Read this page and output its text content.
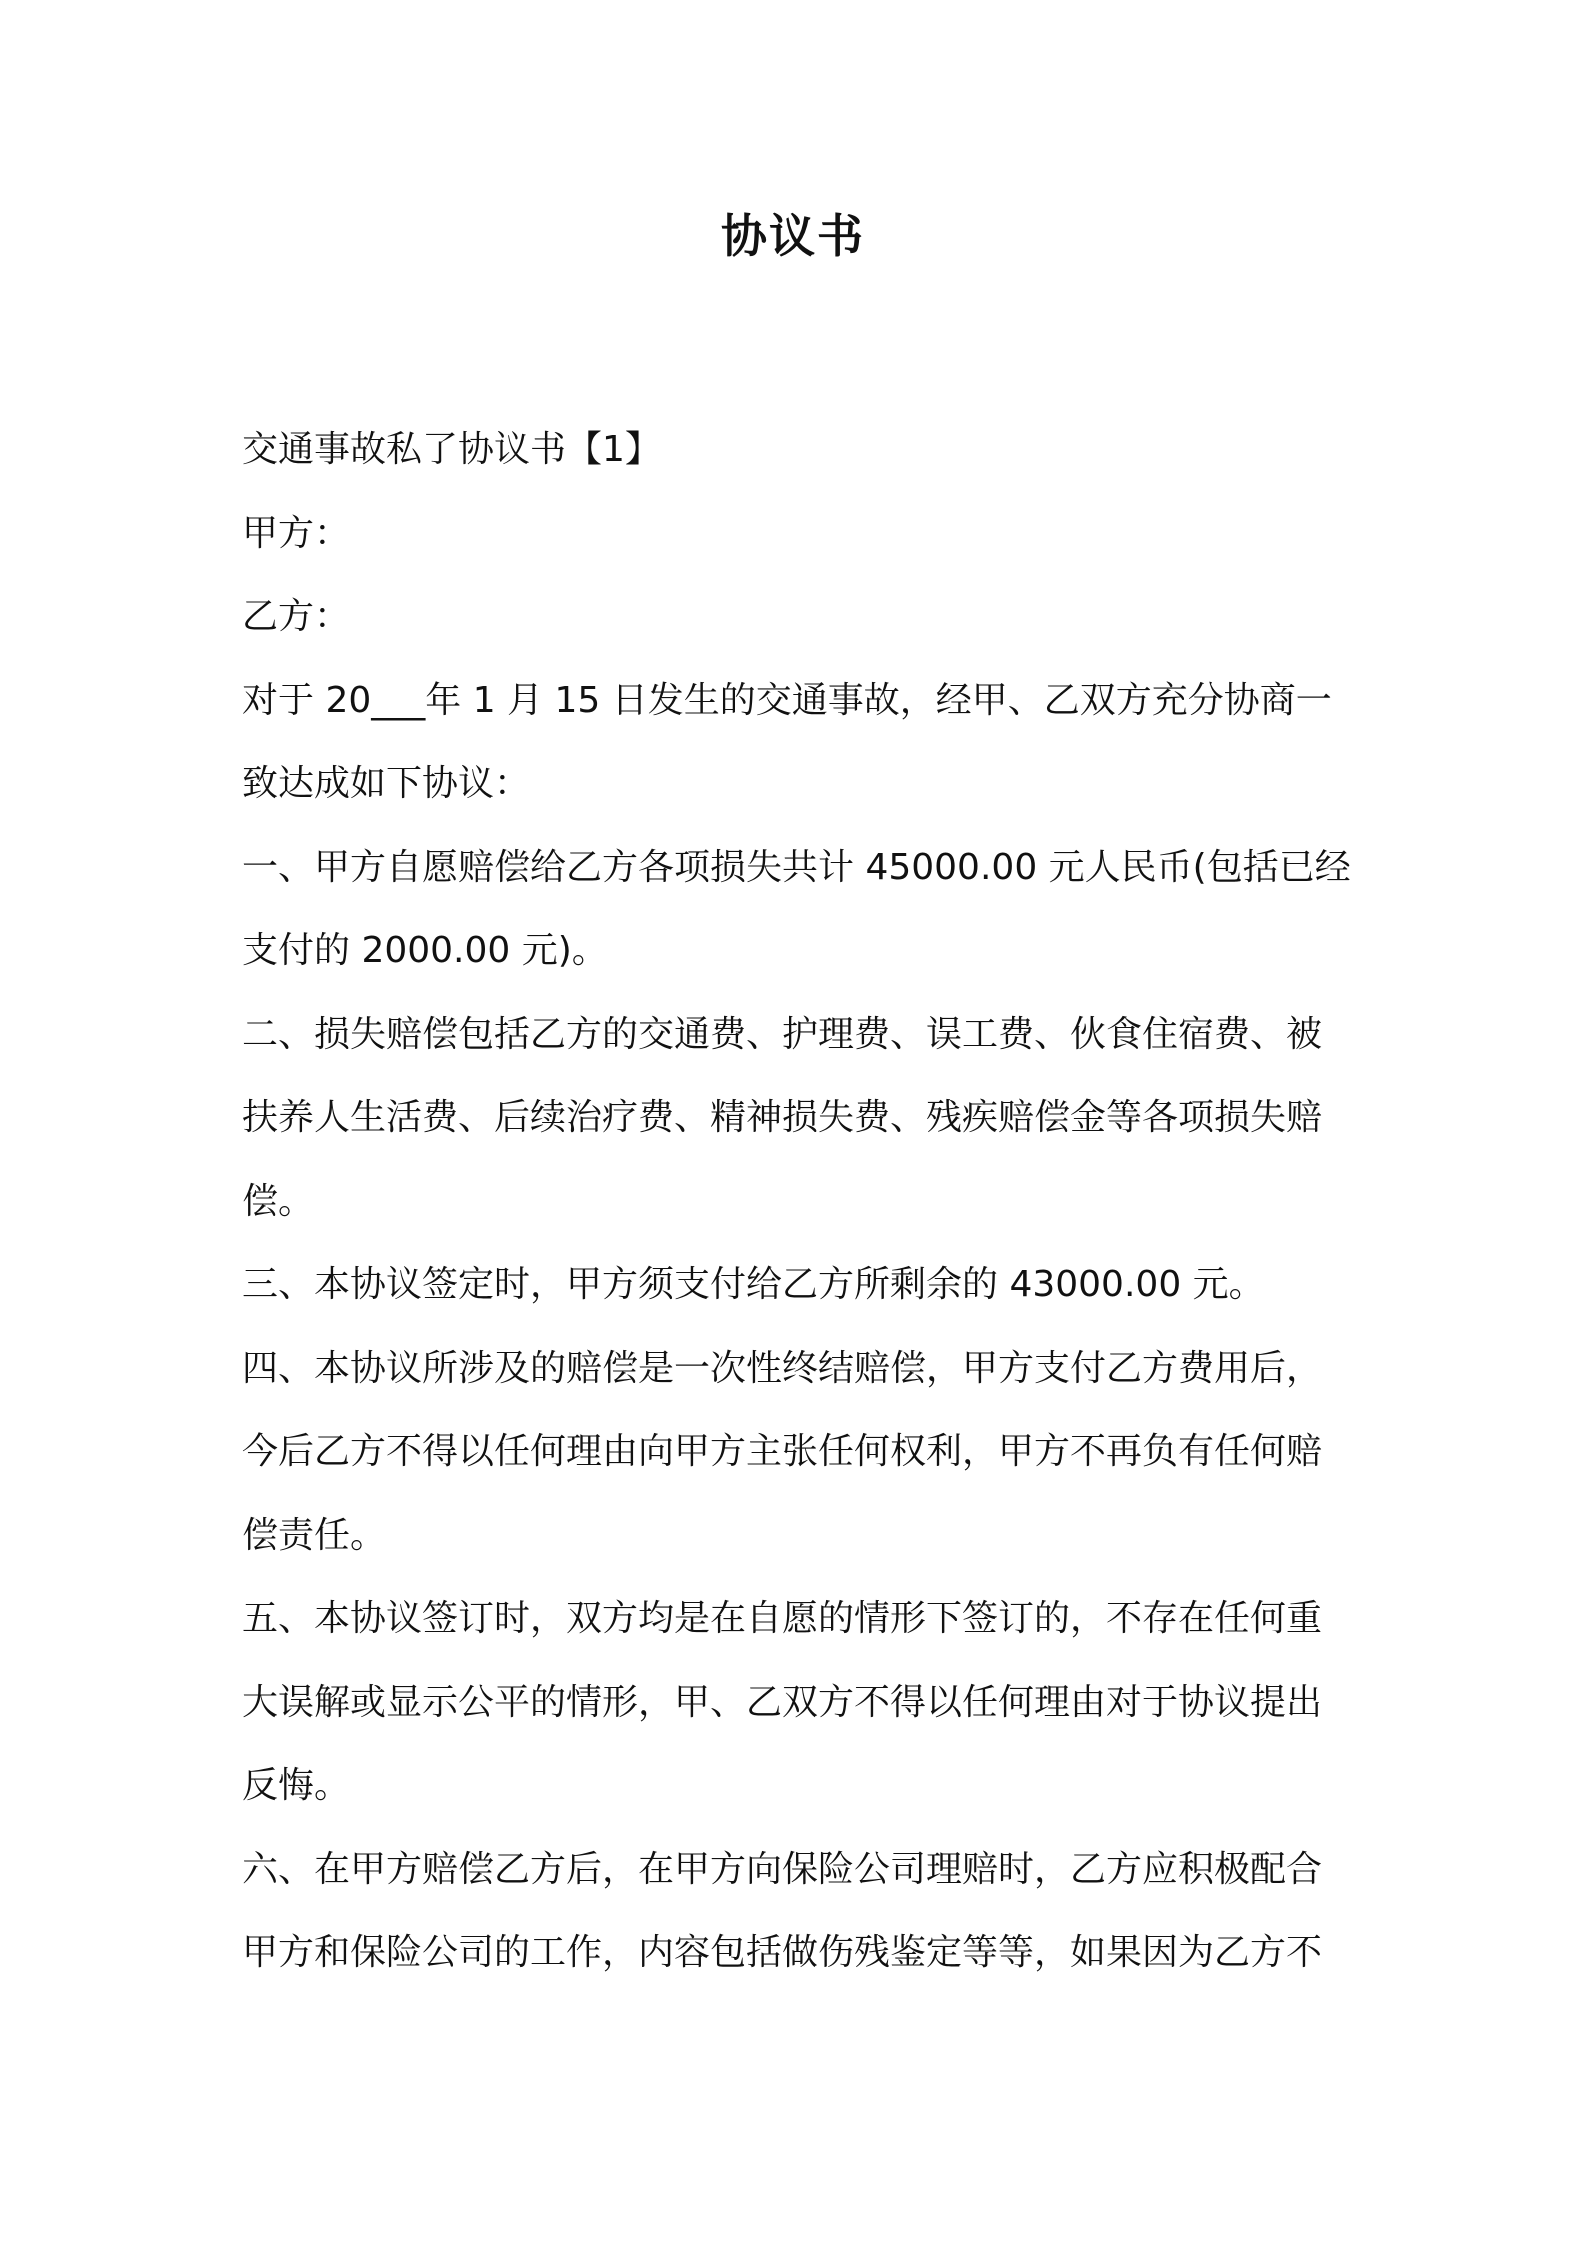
协议书
交通事故私了协议书【1】
甲方：
乙方：
对于 20___年 1 月 15 日发生的交通事故，经甲、乙双方充分协商一
致达成如下协议：
一、甲方自愿赔偿给乙方各项损失共计 45000.00 元人民币(包括已经
支付的 2000.00 元)。
二、损失赔偿包括乙方的交通费、护理费、误工费、伙食住宿费、被
扶养人生活费、后续治疗费、精神损失费、残疾赔偿金等各项损失赔
偿。
三、本协议签定时，甲方须支付给乙方所剩余的 43000.00 元。
四、本协议所涉及的赔偿是一次性终结赔偿，甲方支付乙方费用后，
今后乙方不得以任何理由向甲方主张任何权利，甲方不再负有任何赔
偿责任。
五、本协议签订时，双方均是在自愿的情形下签订的，不存在任何重
大误解或显示公平的情形，甲、乙双方不得以任何理由对于协议提出
反悔。
六、在甲方赔偿乙方后，在甲方向保险公司理赔时，乙方应积极配合
甲方和保险公司的工作，内容包括做伤残鉴定等等，如果因为乙方不
